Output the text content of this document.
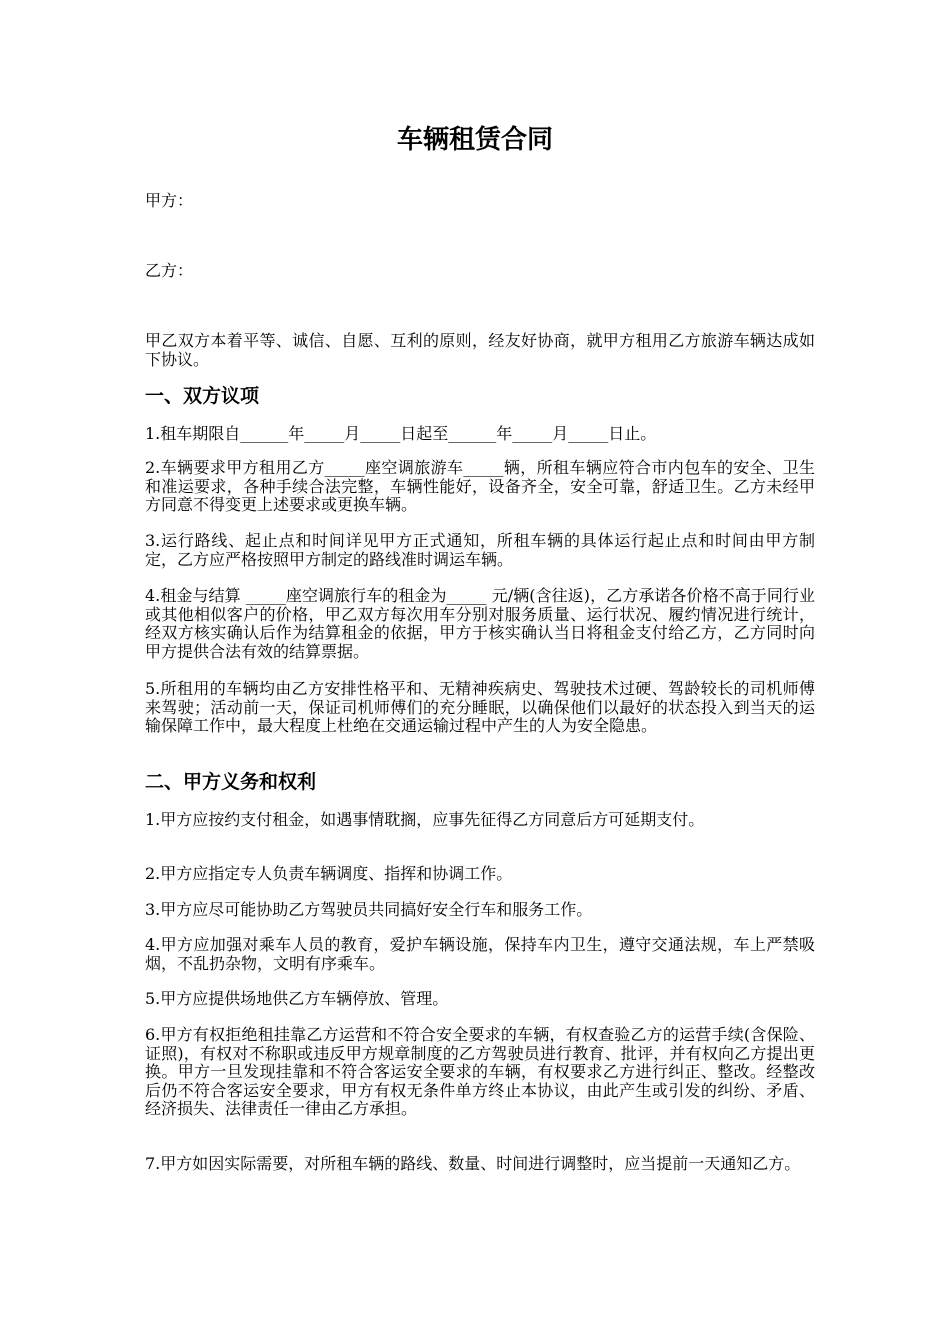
车辆租赁合同

甲方：

乙方：

甲乙双方本着平等、诚信、自愿、互利的原则，经友好协商，就甲方租用乙方旅游车辆达成如下协议。

一、双方议项

1.租车期限自______年_____月_____日起至______年_____月_____日止。

2.车辆要求甲方租用乙方_____座空调旅游车_____辆，所租车辆应符合市内包车的安全、卫生和准运要求，各种手续合法完整，车辆性能好，设备齐全，安全可靠，舒适卫生。乙方未经甲方同意不得变更上述要求或更换车辆。

3.运行路线、起止点和时间详见甲方正式通知，所租车辆的具体运行起止点和时间由甲方制定，乙方应严格按照甲方制定的路线准时调运车辆。

4.租金与结算 _____座空调旅行车的租金为_____ 元/辆(含往返)，乙方承诺各价格不高于同行业或其他相似客户的价格，甲乙双方每次用车分别对服务质量、运行状况、履约情况进行统计，经双方核实确认后作为结算租金的依据，甲方于核实确认当日将租金支付给乙方，乙方同时向甲方提供合法有效的结算票据。

5.所租用的车辆均由乙方安排性格平和、无精神疾病史、驾驶技术过硬、驾龄较长的司机师傅来驾驶；活动前一天，保证司机师傅们的充分睡眠，以确保他们以最好的状态投入到当天的运输保障工作中，最大程度上杜绝在交通运输过程中产生的人为安全隐患。

二、甲方义务和权利

1.甲方应按约支付租金，如遇事情耽搁，应事先征得乙方同意后方可延期支付。

2.甲方应指定专人负责车辆调度、指挥和协调工作。

3.甲方应尽可能协助乙方驾驶员共同搞好安全行车和服务工作。

4.甲方应加强对乘车人员的教育，爱护车辆设施，保持车内卫生，遵守交通法规，车上严禁吸烟，不乱扔杂物，文明有序乘车。

5.甲方应提供场地供乙方车辆停放、管理。

6.甲方有权拒绝租挂靠乙方运营和不符合安全要求的车辆，有权查验乙方的运营手续(含保险、证照)，有权对不称职或违反甲方规章制度的乙方驾驶员进行教育、批评，并有权向乙方提出更换。甲方一旦发现挂靠和不符合客运安全要求的车辆，有权要求乙方进行纠正、整改。经整改后仍不符合客运安全要求，甲方有权无条件单方终止本协议，由此产生或引发的纠纷、矛盾、经济损失、法律责任一律由乙方承担。

7.甲方如因实际需要，对所租车辆的路线、数量、时间进行调整时，应当提前一天通知乙方。
